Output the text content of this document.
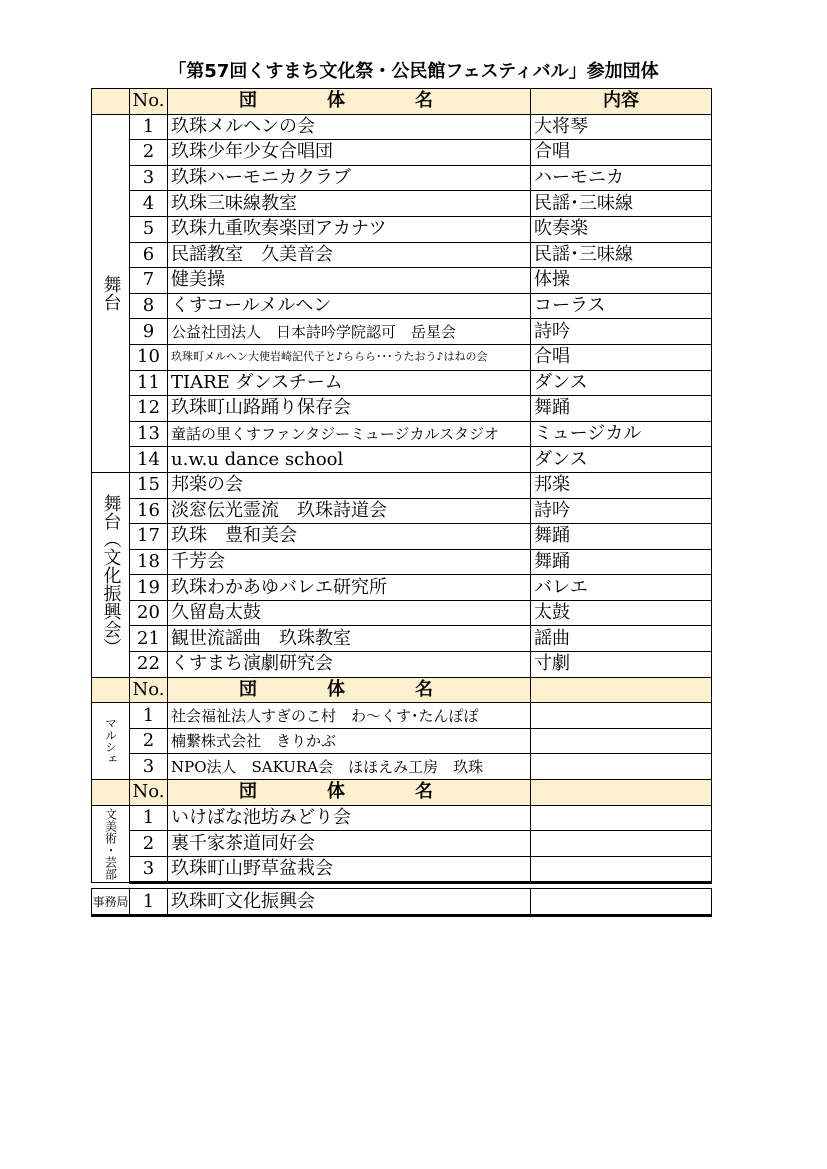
「第57回くすまち文化祭・公民館フェスティバル」参加団体
	No.	団　体　名	内容

舞台	1	玖珠メルヘンの会	大将琴
	2	玖珠少年少女合唱団	合唱
	3	玖珠ハーモニカクラブ	ハーモニカ
	4	玖珠三味線教室	民謡･三味線
	5	玖珠九重吹奏楽団アカナツ	吹奏楽
	6	民謡教室　久美音会	民謡･三味線
	7	健美操	体操
	8	くすコールメルヘン	コーラス
	9	公益社団法人　日本詩吟学院認可　岳星会	詩吟
	10	玖珠町メルヘン大使岩崎記代子と♪ららら･･･うたおう♪はねの会	合唱
	11	TIARE ダンスチーム	ダンス
	12	玖珠町山路踊り保存会	舞踊
	13	童話の里くすファンタジーミュージカルスタジオ	ミュージカル
	14	u.w.u dance school	ダンス

舞台（文化振興会）	15	邦楽の会	邦楽
	16	淡窓伝光霊流　玖珠詩道会	詩吟
	17	玖珠　豊和美会	舞踊
	18	千芳会	舞踊
	19	玖珠わかあゆバレエ研究所	バレエ
	20	久留島太鼓	太鼓
	21	観世流謡曲　玖珠教室	謡曲
	22	くすまち演劇研究会	寸劇
	No.	団　体　名	

マルシェ	1	社会福祉法人すぎのこ村　わ～くす･たんぽぽ	
	2	楠繋株式会社　きりかぶ	
	3	NPO法人　SAKURA会　ほほえみ工房　玖珠	
	No.	団　体　名	

文美術・芸部	1	いけばな池坊みどり会	
	2	裏千家茶道同好会	
	3	玖珠町山野草盆栽会	

事務局	1	玖珠町文化振興会	
